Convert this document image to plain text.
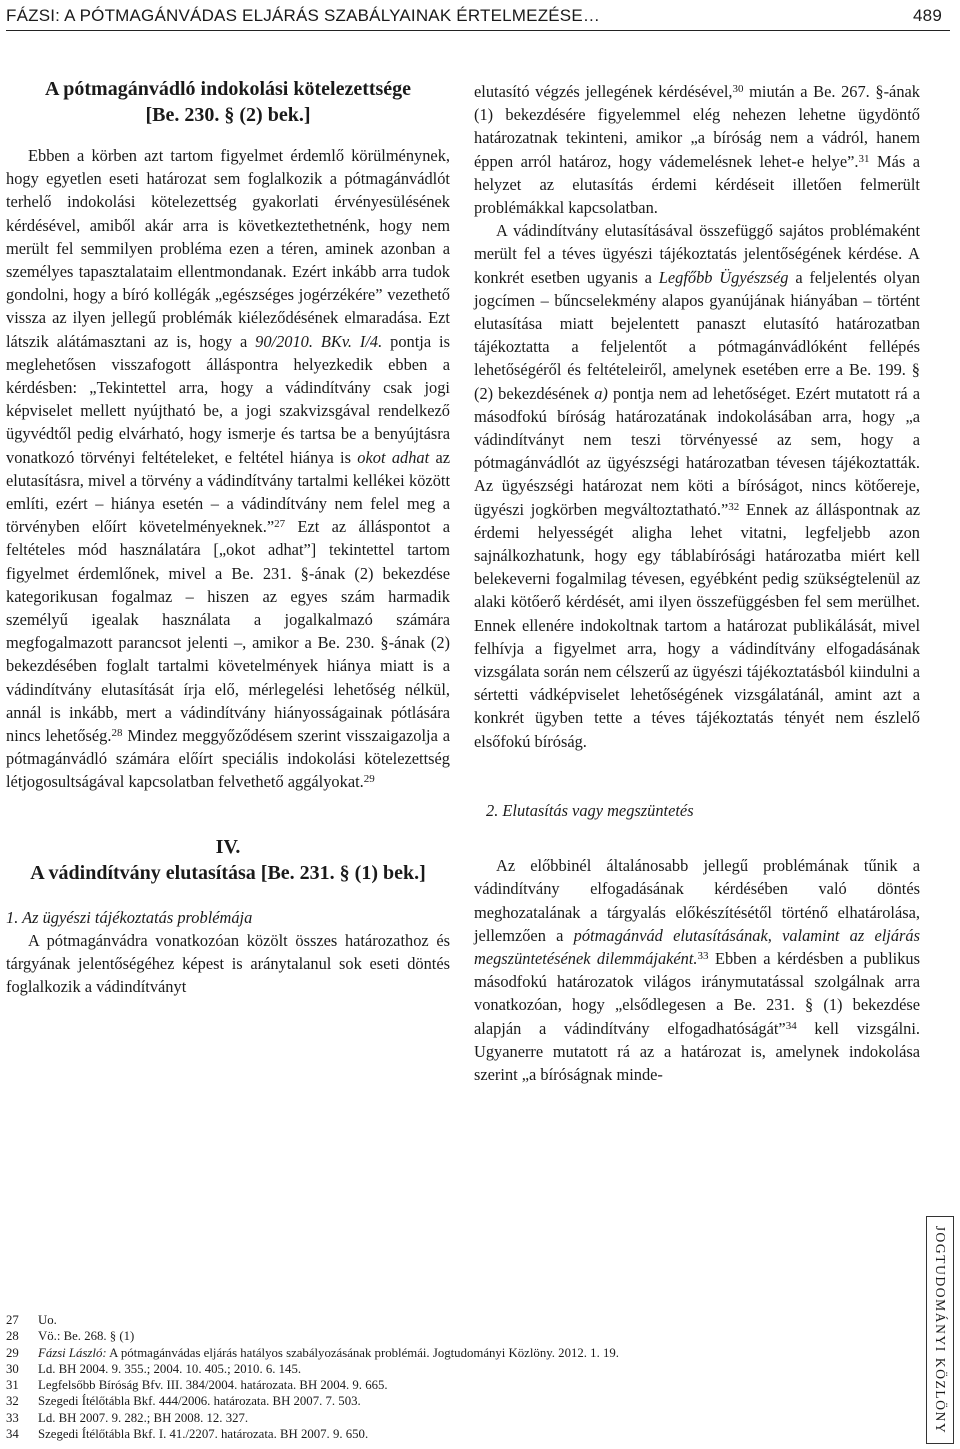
FÁZSI: A PÓTMAGÁNVÁDAS ELJÁRÁS SZABÁLYAINAK ÉRTELMEZÉSE…	489
A pótmagánvádló indokolási kötelezettsége [Be. 230. § (2) bek.]

Ebben a körben azt tartom figyelmet érdemlő körülménynek, hogy egyetlen eseti határozat sem foglalkozik a pótmagánvádlót terhelő indokolási kötelezettség gyakorlati érvényesülésének kérdésével, amiből akár arra is következtethetnénk, hogy nem merült fel semmilyen probléma ezen a téren, aminek azonban a személyes tapasztalataim ellentmondanak. Ezért inkább arra tudok gondolni, hogy a bíró kollégák „egészséges jogérzékére” vezethető vissza az ilyen jellegű problémák kiéleződésének elmaradása. Ezt látszik alátámasztani az is, hogy a 90/2010. BKv. I/4. pontja is meglehetősen visszafogott álláspontra helyezkedik ebben a kérdésben: „Tekintettel arra, hogy a vádindítvány csak jogi képviselet mellett nyújtható be, a jogi szakvizsgával rendelkező ügyvédtől pedig elvárható, hogy ismerje és tartsa be a benyújtásra vonatkozó törvényi feltételeket, e feltétel hiánya is okot adhat az elutasításra, mivel a törvény a vádindítvány tartalmi kellékei között említi, ezért – hiánya esetén – a vádindítvány nem felel meg a törvényben előírt követelményeknek.”$^{27}$ Ezt az álláspontot a feltételes mód használatára [„okot adhat”] tekintettel tartom figyelmet érdemlőnek, mivel a Be. 231. §-ának (2) bekezdése kategorikusan fogalmaz – hiszen az egyes szám harmadik személyű igealak használata a jogalkalmazó számára megfogalmazott parancsot jelenti –, amikor a Be. 230. §-ának (2) bekezdésében foglalt tartalmi követelmények hiánya miatt is a vádindítvány elutasítását írja elő, mérlegelési lehetőség nélkül, annál is inkább, mert a vádindítvány hiányosságainak pótlására nincs lehetőség.$^{28}$ Mindez meggyőződésem szerint visszaigazolja a pótmagánvádló számára előírt speciális indokolási kötelezettség létjogosultságával kapcsolatban felvethető aggályokat.$^{29}$

IV.
A vádindítvány elutasítása [Be. 231. § (1) bek.]

1. Az ügyészi tájékoztatás problémája

A pótmagánvádra vonatkozóan közölt összes határozathoz és tárgyának jelentőségéhez képest is aránytalanul sok eseti döntés foglalkozik a vádindítványt

elutasító végzés jellegének kérdésével,$^{30}$ miután a Be. 267. §-ának (1) bekezdésére figyelemmel elég nehezen lehetne ügydöntő határozatnak tekinteni, amikor „a bíróság nem a vádról, hanem éppen arról határoz, hogy vádemelésnek lehet-e helye”.$^{31}$ Más a helyzet az elutasítás érdemi kérdéseit illetően felmerült problémákkal kapcsolatban.

A vádindítvány elutasításával összefüggő sajátos problémaként merült fel a téves ügyészi tájékoztatás jelentőségének kérdése. A konkrét esetben ugyanis a Legfőbb Ügyészség a feljelentés olyan jogcímen – bűncselekmény alapos gyanújának hiányában – történt elutasítása miatt bejelentett panaszt elutasító határozatban tájékoztatta a feljelentőt a pótmagánvádlóként fellépés lehetőségéről és feltételeiről, amelynek esetében erre a Be. 199. § (2) bekezdésének a) pontja nem ad lehetőséget. Ezért mutatott rá a másodfokú bíróság határozatának indokolásában arra, hogy „a vádindítványt nem teszi törvényessé az sem, hogy a pótmagánvádlót az ügyészségi határozatban tévesen tájékoztatták. Az ügyészségi határozat nem köti a bíróságot, nincs kötőereje, ügyészi jogkörben megváltoztatható.”$^{32}$ Ennek az álláspontnak az érdemi helyességét aligha lehet vitatni, legfeljebb azon sajnálkozhatunk, hogy egy táblabírósági határozatba miért kell belekeverni fogalmilag tévesen, egyébként pedig szükségtelenül az alaki kötőerő kérdését, ami ilyen összefüggésben fel sem merülhet. Ennek ellenére indokoltnak tartom a határozat publikálását, mivel felhívja a figyelmet arra, hogy a vádindítvány elfogadásának vizsgálata során nem célszerű az ügyészi tájékoztatásból kiindulni a sértetti vádképviselet lehetőségének vizsgálatánál, amint azt a konkrét ügyben tette a téves tájékoztatás tényét nem észlelő elsőfokú bíróság.

2. Elutasítás vagy megszüntetés

Az előbbinél általánosabb jellegű problémának tűnik a vádindítvány elfogadásának kérdésében való döntés meghozatalának a tárgyalás előkészítésétől történő elhatárolása, jellemzően a pótmagánvád elutasításának, valamint az eljárás megszüntetésének dilemmájaként.$^{33}$ Ebben a kérdésben a publikus másodfokú határozatok világos iránymutatással szolgálnak arra vonatkozóan, hogy „elsődlegesen a Be. 231. § (1) bekezdése alapján a vádindítvány elfogadhatóságát”$^{34}$ kell vizsgálni. Ugyanerre mutatott rá az a határozat is, amelynek indokolása szerint „a bíróságnak minde-

JOGTUDOMÁNYI KÖZLÖNY
27	Uo.
28	Vö.: Be. 268. § (1)
29	Fázsi László: A pótmagánvádas eljárás hatályos szabályozásának problémái. Jogtudományi Közlöny. 2012. 1. 19.
30	Ld. BH 2004. 9. 355.; 2004. 10. 405.; 2010. 6. 145.
31	Legfelsőbb Bíróság Bfv. III. 384/2004. határozata. BH 2004. 9. 665.
32	Szegedi Ítélőtábla Bkf. 444/2006. határozata. BH 2007. 7. 503.
33	Ld. BH 2007. 9. 282.; BH 2008. 12. 327.
34	Szegedi Ítélőtábla Bkf. I. 41./2207. határozata. BH 2007. 9. 650.
